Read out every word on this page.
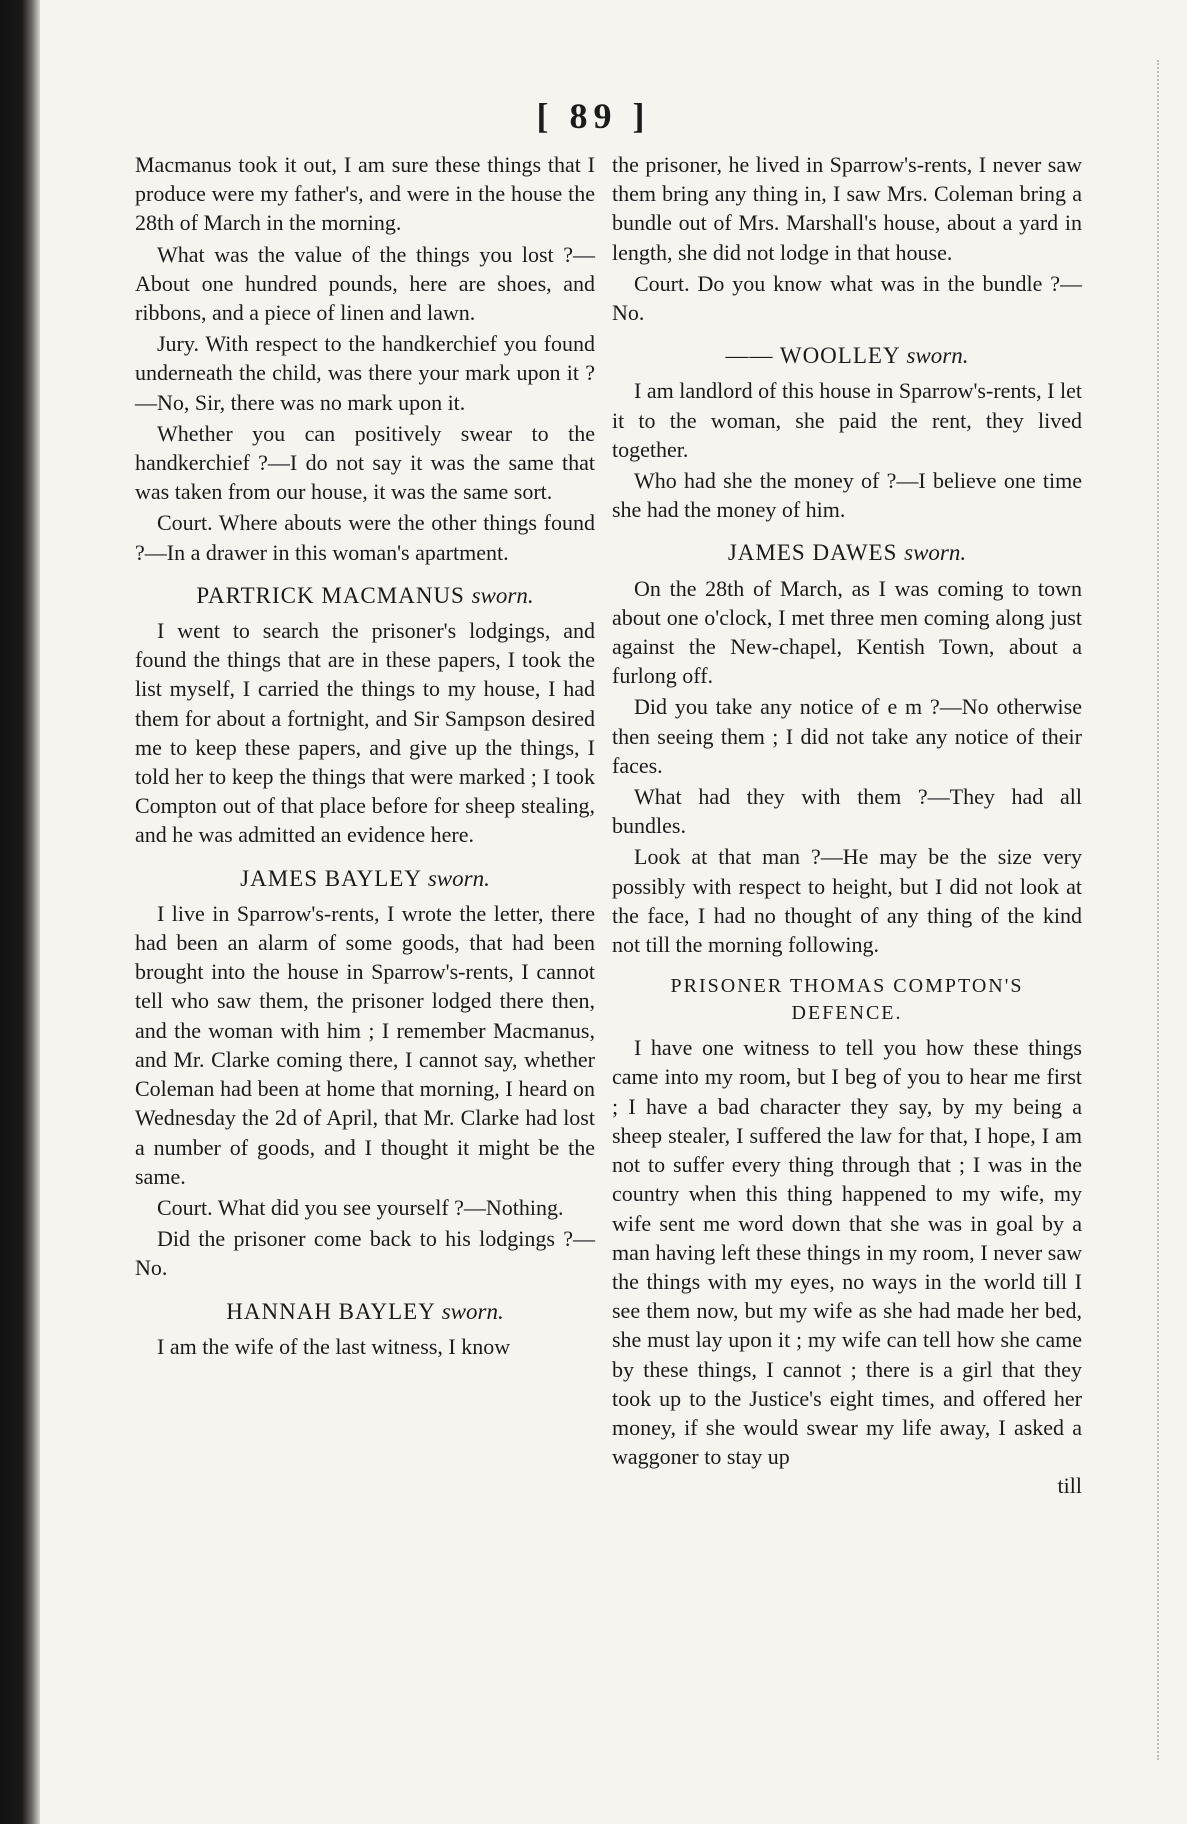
[ 89 ]

Macmanus took it out, I am sure these things that I produce were my father's, and were in the house the 28th of March in the morning.

What was the value of the things you lost ?—About one hundred pounds, here are shoes, and ribbons, and a piece of linen and lawn.

Jury. With respect to the handkerchief you found underneath the child, was there your mark upon it ?—No, Sir, there was no mark upon it.

Whether you can positively swear to the handkerchief ?—I do not say it was the same that was taken from our house, it was the same sort.

Court. Where abouts were the other things found ?—In a drawer in this woman's apartment.

PARTRICK MACMANUS sworn.

I went to search the prisoner's lodgings, and found the things that are in these papers, I took the list myself, I carried the things to my house, I had them for about a fortnight, and Sir Sampson desired me to keep these papers, and give up the things, I told her to keep the things that were marked ; I took Compton out of that place before for sheep stealing, and he was admitted an evidence here.

JAMES BAYLEY sworn.

I live in Sparrow's-rents, I wrote the letter, there had been an alarm of some goods, that had been brought into the house in Sparrow's-rents, I cannot tell who saw them, the prisoner lodged there then, and the woman with him ; I remember Macmanus, and Mr. Clarke coming there, I cannot say, whether Coleman had been at home that morning, I heard on Wednesday the 2d of April, that Mr. Clarke had lost a number of goods, and I thought it might be the same.

Court. What did you see yourself ?—Nothing.

Did the prisoner come back to his lodgings ?—No.

HANNAH BAYLEY sworn.

I am the wife of the last witness, I know

the prisoner, he lived in Sparrow's-rents, I never saw them bring any thing in, I saw Mrs. Coleman bring a bundle out of Mrs. Marshall's house, about a yard in length, she did not lodge in that house.

Court. Do you know what was in the bundle ?—No.

—— WOOLLEY sworn.

I am landlord of this house in Sparrow's-rents, I let it to the woman, she paid the rent, they lived together.

Who had she the money of ?—I believe one time she had the money of him.

JAMES DAWES sworn.

On the 28th of March, as I was coming to town about one o'clock, I met three men coming along just against the New-chapel, Kentish Town, about a furlong off.

Did you take any notice of e m ?—No otherwise then seeing them ; I did not take any notice of their faces.

What had they with them ?—They had all bundles.

Look at that man ?—He may be the size very possibly with respect to height, but I did not look at the face, I had no thought of any thing of the kind not till the morning following.

PRISONER THOMAS COMPTON'S DEFENCE.

I have one witness to tell you how these things came into my room, but I beg of you to hear me first ; I have a bad character they say, by my being a sheep stealer, I suffered the law for that, I hope, I am not to suffer every thing through that ; I was in the country when this thing happened to my wife, my wife sent me word down that she was in goal by a man having left these things in my room, I never saw the things with my eyes, no ways in the world till I see them now, but my wife as she had made her bed, she must lay upon it ; my wife can tell how she came by these things, I cannot ; there is a girl that they took up to the Justice's eight times, and offered her money, if she would swear my life away, I asked a waggoner to stay up

till
